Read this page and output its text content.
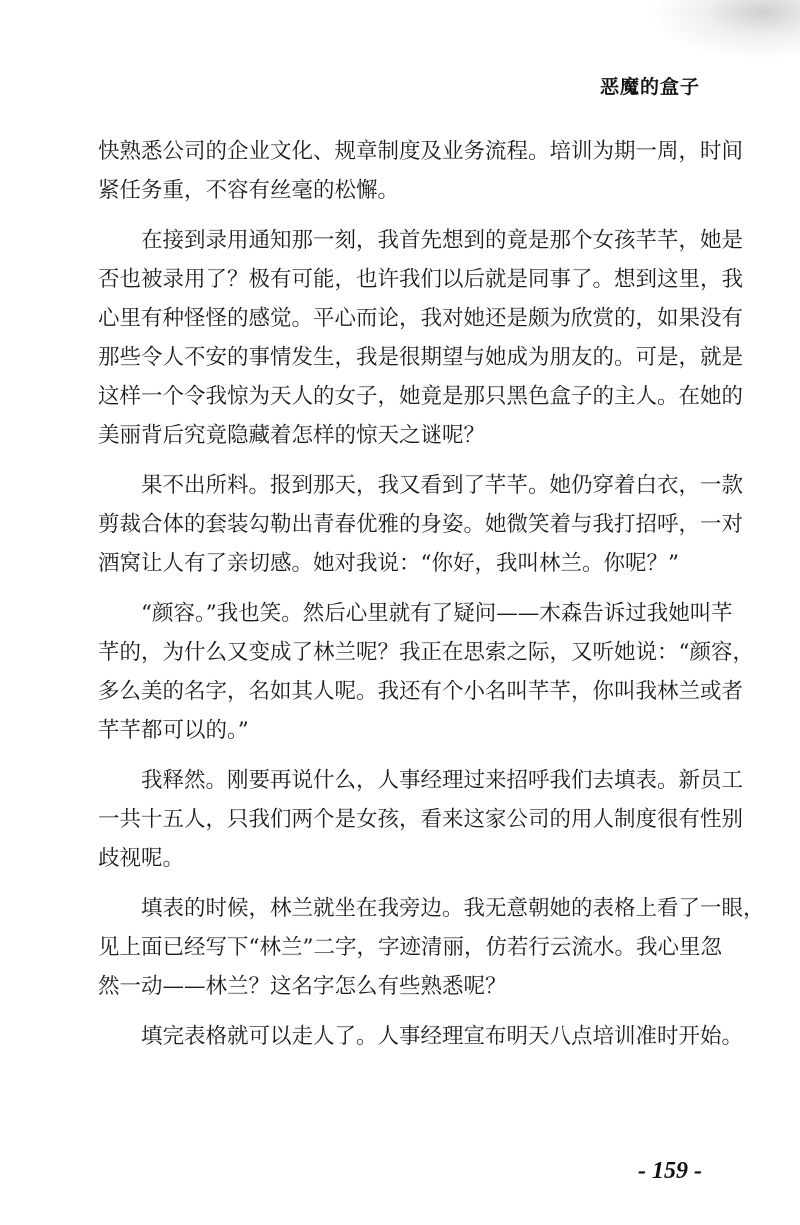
恶魔的盒子

快熟悉公司的企业文化、规章制度及业务流程。培训为期一周，时间
紧任务重，不容有丝毫的松懈。

在接到录用通知那一刻，我首先想到的竟是那个女孩芊芊，她是
否也被录用了？极有可能，也许我们以后就是同事了。想到这里，我
心里有种怪怪的感觉。平心而论，我对她还是颇为欣赏的，如果没有
那些令人不安的事情发生，我是很期望与她成为朋友的。可是，就是
这样一个令我惊为天人的女子，她竟是那只黑色盒子的主人。在她的
美丽背后究竟隐藏着怎样的惊天之谜呢？

果不出所料。报到那天，我又看到了芊芊。她仍穿着白衣，一款
剪裁合体的套装勾勒出青春优雅的身姿。她微笑着与我打招呼，一对
酒窝让人有了亲切感。她对我说：“你好，我叫林兰。你呢？”

“颜容。”我也笑。然后心里就有了疑问——木森告诉过我她叫芊
芊的，为什么又变成了林兰呢？我正在思索之际，又听她说：“颜容，
多么美的名字，名如其人呢。我还有个小名叫芊芊，你叫我林兰或者
芊芊都可以的。”

我释然。刚要再说什么，人事经理过来招呼我们去填表。新员工
一共十五人，只我们两个是女孩，看来这家公司的用人制度很有性别
歧视呢。

填表的时候，林兰就坐在我旁边。我无意朝她的表格上看了一眼，
见上面已经写下“林兰”二字，字迹清丽，仿若行云流水。我心里忽
然一动——林兰？这名字怎么有些熟悉呢？

填完表格就可以走人了。人事经理宣布明天八点培训准时开始。

- 159 -
